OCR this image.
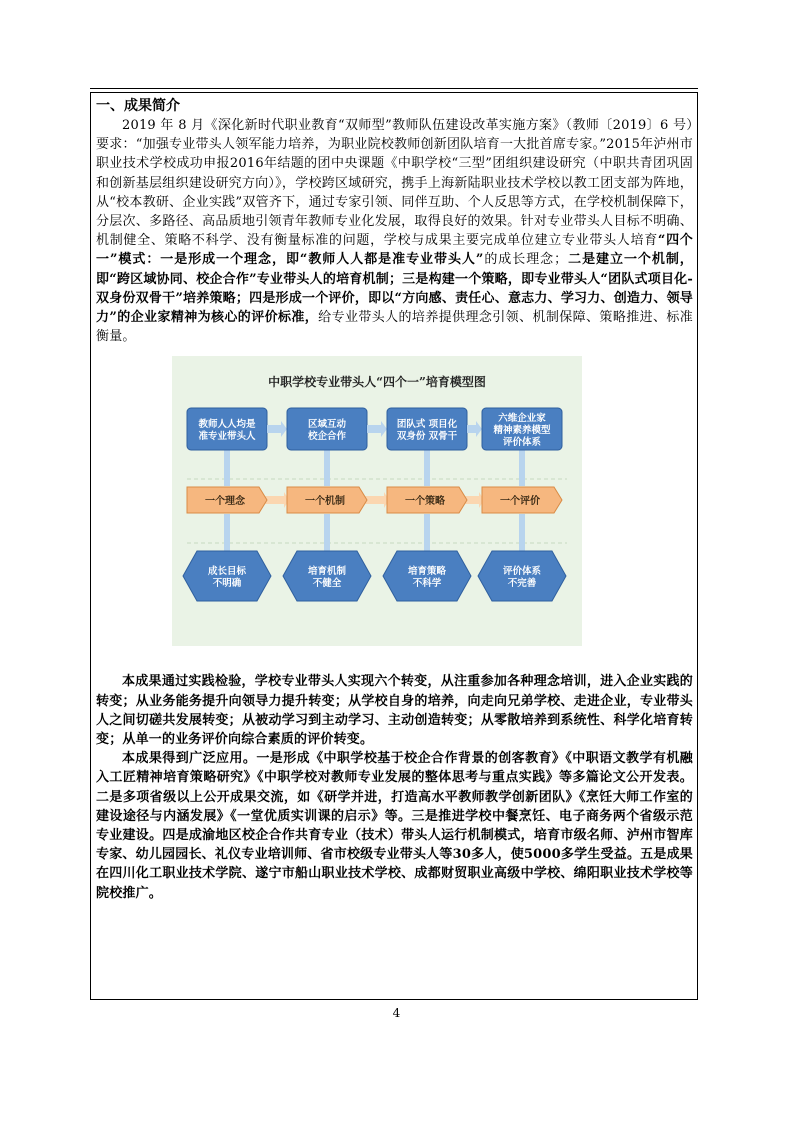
一、成果简介

2019 年 8 月《深化新时代职业教育“双师型”教师队伍建设改革实施方案》（教师〔2019〕6 号）要求：“加强专业带头人领军能力培养，为职业院校教师创新团队培育一大批首席专家。”2015年泸州市职业技术学校成功申报2016年结题的团中央课题《中职学校“三型”团组织建设研究（中职共青团巩固和创新基层组织建设研究方向）》，学校跨区域研究，携手上海新陆职业技术学校以教工团支部为阵地，从“校本教研、企业实践”双管齐下，通过专家引领、同伴互助、个人反思等方式，在学校机制保障下，分层次、多路径、高品质地引领青年教师专业化发展，取得良好的效果。针对专业带头人目标不明确、机制健全、策略不科学、没有衡量标准的问题，学校与成果主要完成单位建立专业带头人培育“四个一”模式：一是形成一个理念，即“教师人人都是准专业带头人”的成长理念；二是建立一个机制，即“跨区域协同、校企合作”专业带头人的培育机制；三是构建一个策略，即专业带头人“团队式项目化-双身份双骨干”培养策略；四是形成一个评价，即以“方向感、责任心、意志力、学习力、创造力、领导力”的企业家精神为核心的评价标准，给专业带头人的培养提供理念引领、机制保障、策略推进、标准衡量。

中职学校专业带头人“四个一”培育模型图
教师人人均是
准专业带头人
一个理念
成长目标
不明确
区域互动
校企合作
一个机制
培育机制
不健全
团队式 项目化
双身份 双骨干
一个策略
培育策略
不科学
六维企业家
精神素养模型
评价体系
一个评价
评价体系
不完善

本成果通过实践检验，学校专业带头人实现六个转变，从注重参加各种理念培训，进入企业实践的转变；从业务能务提升向领导力提升转变；从学校自身的培养，向走向兄弟学校、走进企业，专业带头人之间切磋共发展转变；从被动学习到主动学习、主动创造转变；从零散培养到系统性、科学化培育转变；从单一的业务评价向综合素质的评价转变。

本成果得到广泛应用。一是形成《中职学校基于校企合作背景的创客教育》《中职语文教学有机融入工匠精神培育策略研究》《中职学校对教师专业发展的整体思考与重点实践》等多篇论文公开发表。二是多项省级以上公开成果交流，如《研学并进，打造高水平教师教学创新团队》《烹饪大师工作室的建设途径与内涵发展》《一堂优质实训课的启示》等。三是推进学校中餐烹饪、电子商务两个省级示范专业建设。四是成渝地区校企合作共育专业（技术）带头人运行机制模式，培育市级名师、泸州市智库专家、幼儿园园长、礼仪专业培训师、省市校级专业带头人等30多人，使5000多学生受益。五是成果在四川化工职业技术学院、遂宁市船山职业技术学校、成都财贸职业高级中学校、绵阳职业技术学校等院校推广。

4
